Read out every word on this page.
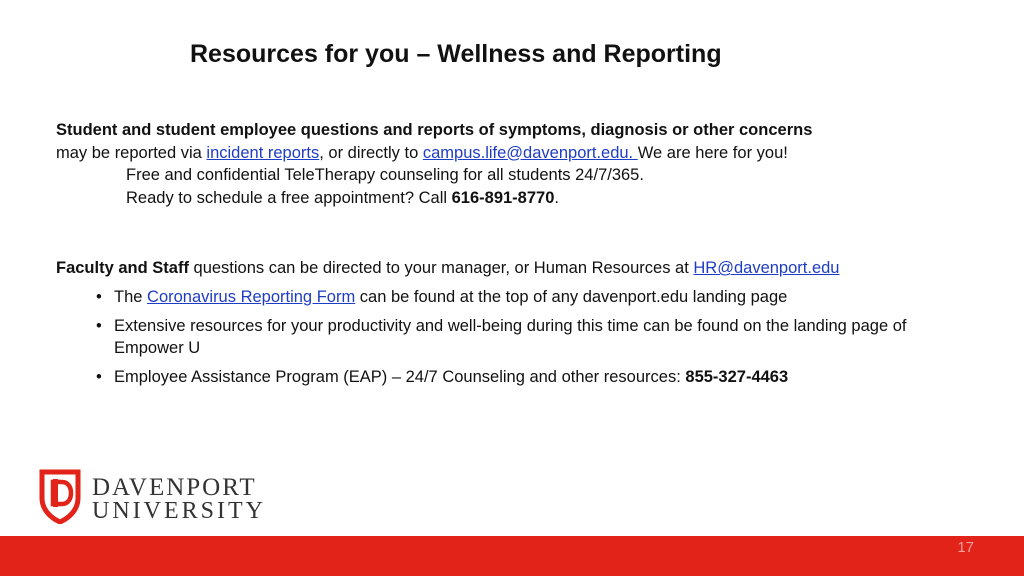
Resources for you – Wellness and Reporting
Student and student employee questions and reports of symptoms, diagnosis or other concerns
may be reported via incident reports, or directly to campus.life@davenport.edu. We are here for you!
Free and confidential TeleTherapy counseling for all students 24/7/365.
Ready to schedule a free appointment? Call 616-891-8770.
Faculty and Staff questions can be directed to your manager, or Human Resources at HR@davenport.edu
• The Coronavirus Reporting Form can be found at the top of any davenport.edu landing page
• Extensive resources for your productivity and well-being during this time can be found on the landing page of Empower U
• Employee Assistance Program (EAP) – 24/7 Counseling and other resources: 855-327-4463
DAVENPORT
UNIVERSITY
17
